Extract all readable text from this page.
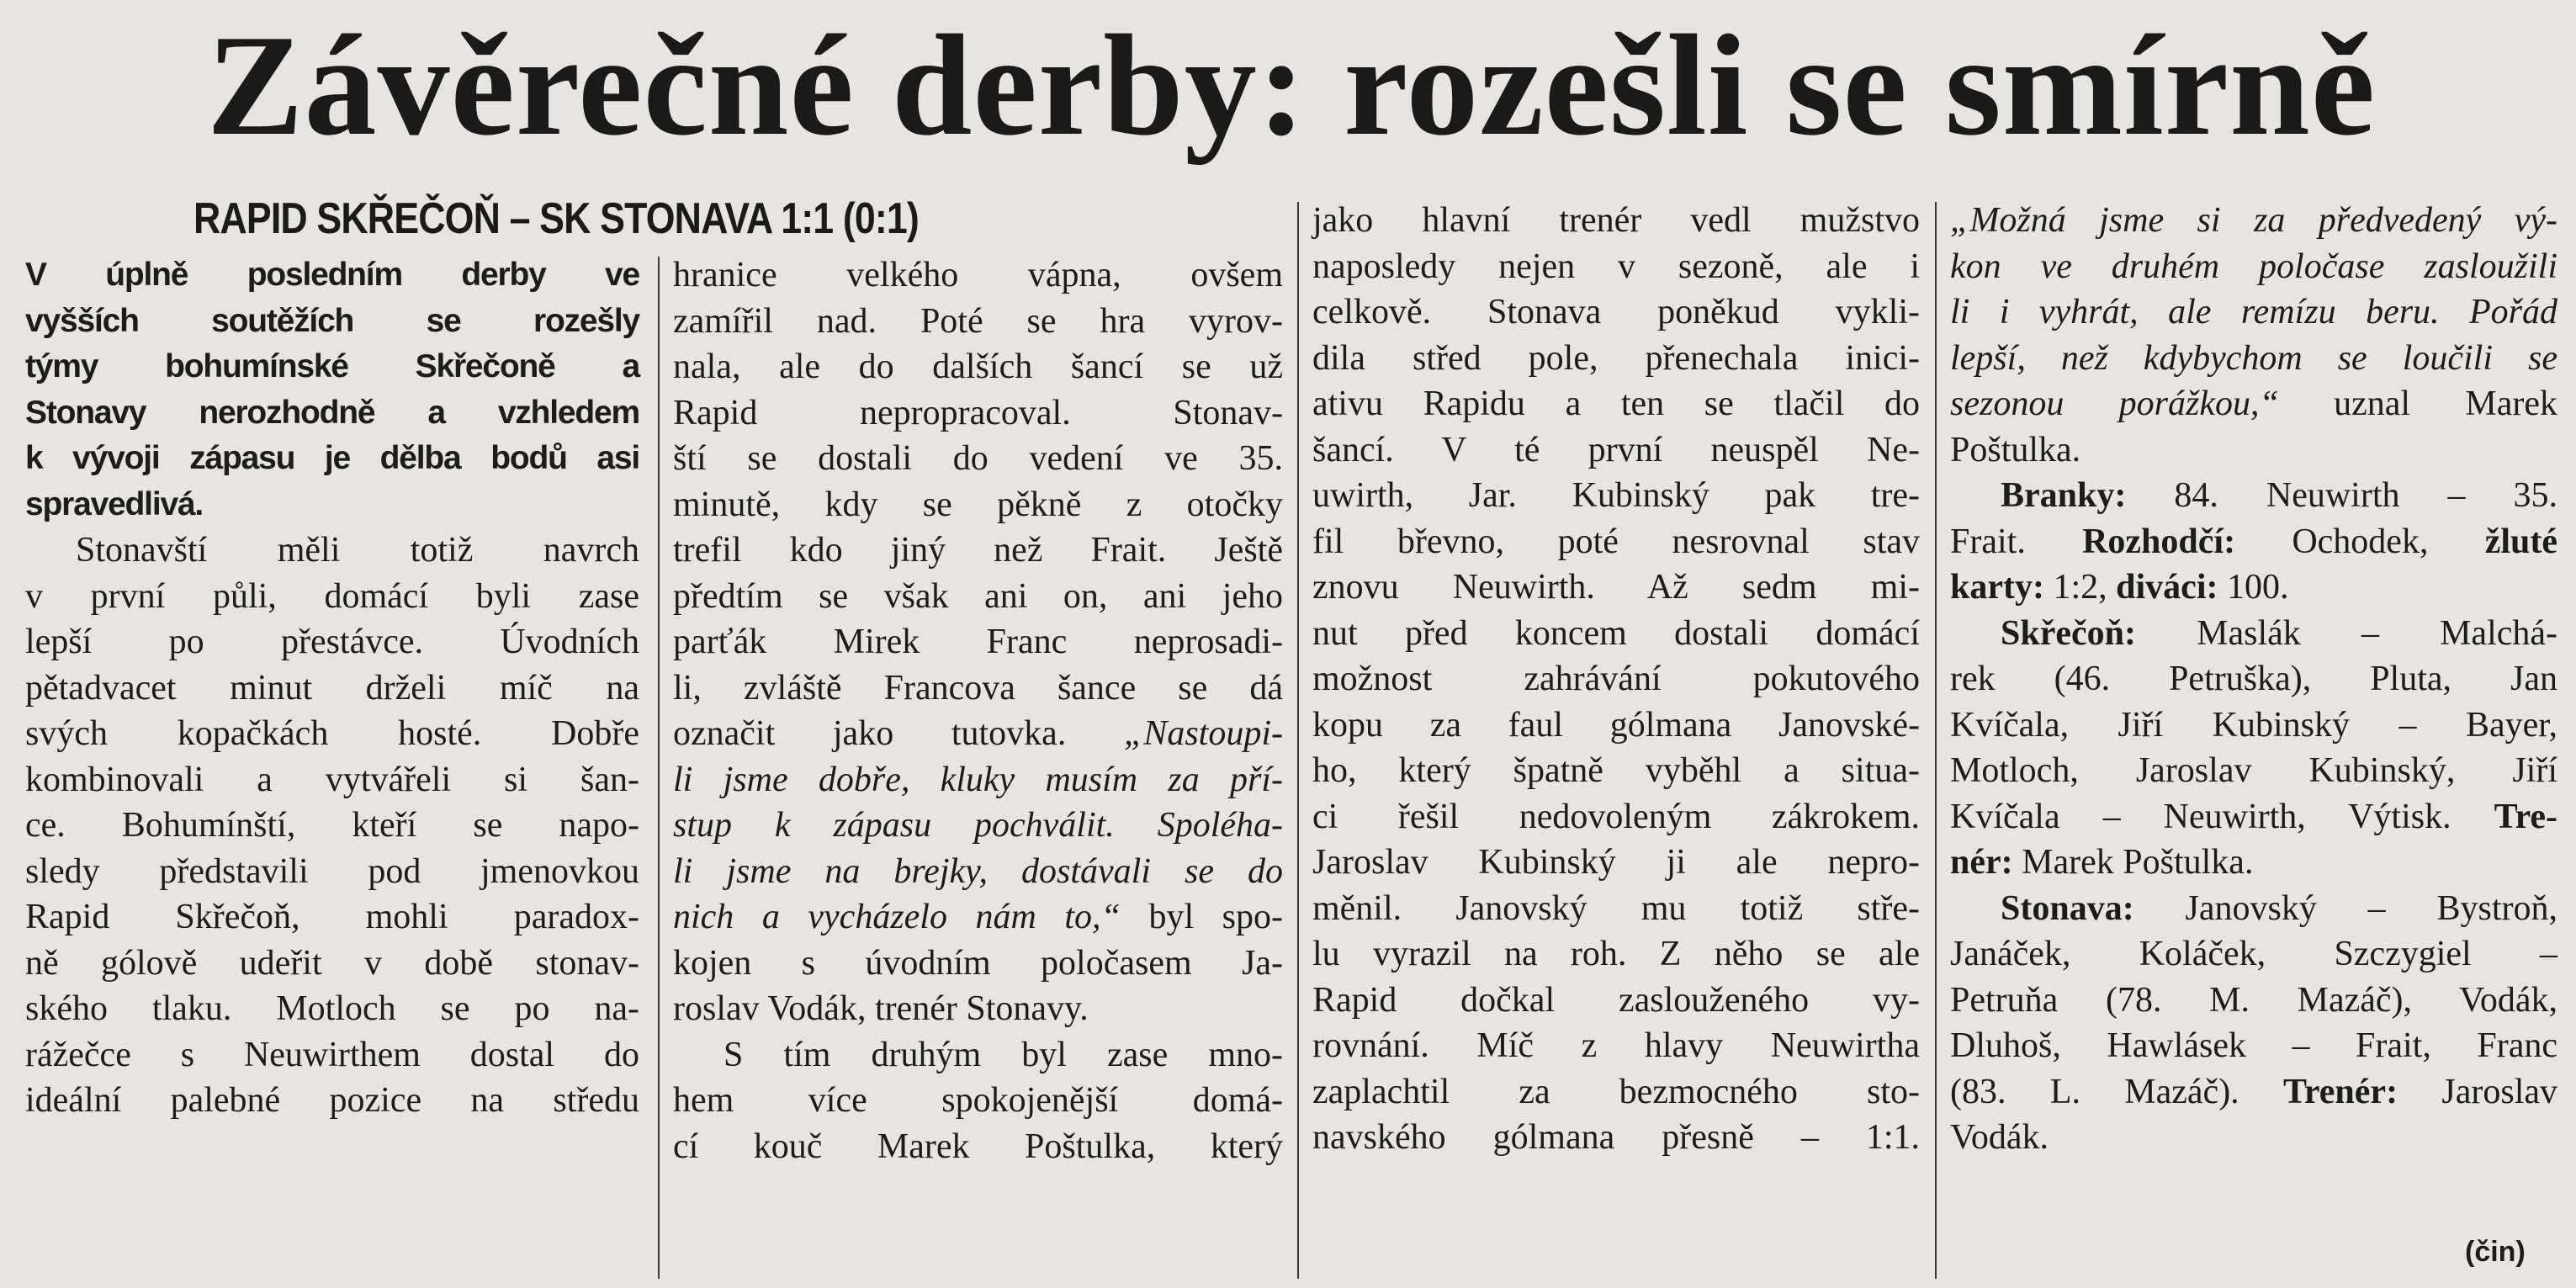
Závěrečné derby: rozešli se smírně
RAPID SKŘEČOŇ – SK STONAVA 1:1 (0:1)
V úplně posledním derby ve
vyšších soutěžích se rozešly
týmy bohumínské Skřečoně a
Stonavy nerozhodně a vzhledem
k vývoji zápasu je dělba bodů asi
spravedlivá.
Stonavští měli totiž navrch
v první půli, domácí byli zase
lepší po přestávce. Úvodních
pětadvacet minut drželi míč na
svých kopačkách hosté. Dobře
kombinovali a vytvářeli si šan-
ce. Bohumínští, kteří se napo-
sledy představili pod jmenovkou
Rapid Skřečoň, mohli paradox-
ně gólově udeřit v době stonav-
ského tlaku. Motloch se po na-
rážečce s Neuwirthem dostal do
ideální palebné pozice na středu
hranice velkého vápna, ovšem
zamířil nad. Poté se hra vyrov-
nala, ale do dalších šancí se už
Rapid nepropracoval. Stonav-
ští se dostali do vedení ve 35.
minutě, kdy se pěkně z otočky
trefil kdo jiný než Frait. Ještě
předtím se však ani on, ani jeho
parťák Mirek Franc neprosadi-
li, zvláště Francova šance se dá
označit jako tutovka. „Nastoupi-
li jsme dobře, kluky musím za pří-
stup k zápasu pochválit. Spoléha-
li jsme na brejky, dostávali se do
nich a vycházelo nám to,“ byl spo-
kojen s úvodním poločasem Ja-
roslav Vodák, trenér Stonavy.
S tím druhým byl zase mno-
hem více spokojenější domá-
cí kouč Marek Poštulka, který
jako hlavní trenér vedl mužstvo
naposledy nejen v sezoně, ale i
celkově. Stonava poněkud vykli-
dila střed pole, přenechala inici-
ativu Rapidu a ten se tlačil do
šancí. V té první neuspěl Ne-
uwirth, Jar. Kubinský pak tre-
fil břevno, poté nesrovnal stav
znovu Neuwirth. Až sedm mi-
nut před koncem dostali domácí
možnost zahrávání pokutového
kopu za faul gólmana Janovské-
ho, který špatně vyběhl a situa-
ci řešil nedovoleným zákrokem.
Jaroslav Kubinský ji ale nepro-
měnil. Janovský mu totiž stře-
lu vyrazil na roh. Z něho se ale
Rapid dočkal zaslouženého vy-
rovnání. Míč z hlavy Neuwirtha
zaplachtil za bezmocného sto-
navského gólmana přesně – 1:1.
„Možná jsme si za předvedený vý-
kon ve druhém poločase zasloužili
li i vyhrát, ale remízu beru. Pořád
lepší, než kdybychom se loučili se
sezonou porážkou,“ uznal Marek
Poštulka.
Branky: 84. Neuwirth – 35.
Frait. Rozhodčí: Ochodek, žluté
karty: 1:2, diváci: 100.
Skřečoň: Maslák – Malchá-
rek (46. Petruška), Pluta, Jan
Kvíčala, Jiří Kubinský – Bayer,
Motloch, Jaroslav Kubinský, Jiří
Kvíčala – Neuwirth, Výtisk. Tre-
nér: Marek Poštulka.
Stonava: Janovský – Bystroň,
Janáček, Koláček, Szczygiel –
Petruňa (78. M. Mazáč), Vodák,
Dluhoš, Hawlásek – Frait, Franc
(83. L. Mazáč). Trenér: Jaroslav
Vodák.
(čin)
